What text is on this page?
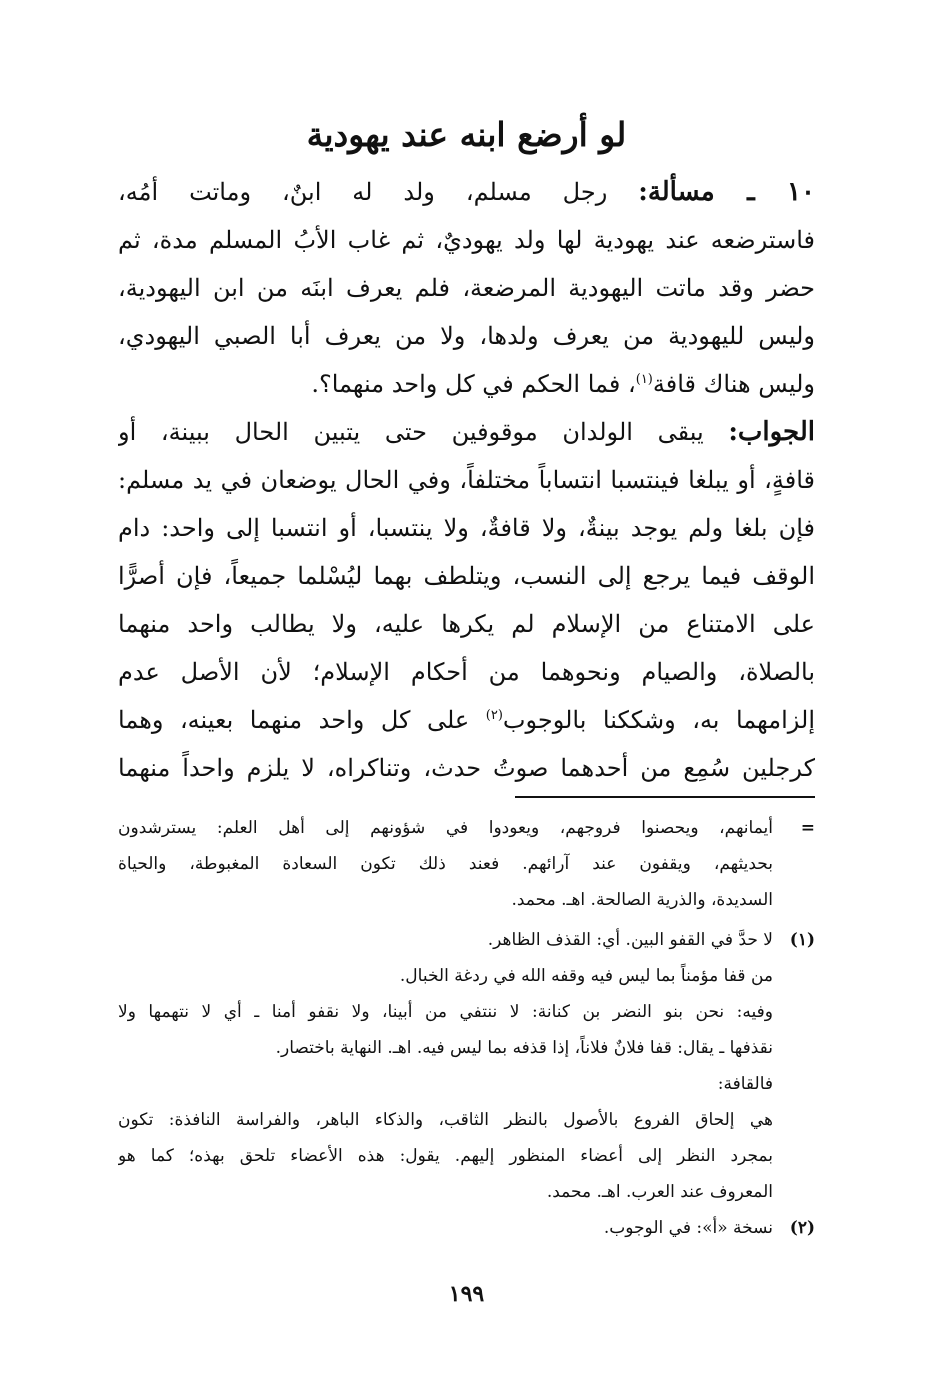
لو أرضع ابنه عند يهودية
١٠ ـ مسألة: رجل مسلم، ولد له ابنٌ، وماتت أمُه،
فاسترضعه عند يهودية لها ولد يهوديٌ، ثم غاب الأبُ المسلم مدة، ثم
حضر وقد ماتت اليهودية المرضعة، فلم يعرف ابنَه من ابن اليهودية،
وليس لليهودية من يعرف ولدها، ولا من يعرف أبا الصبي اليهودي،
وليس هناك قافة$^{(١)}$، فما الحكم في كل واحد منهما؟.
الجواب: يبقى الولدان موقوفين حتى يتبين الحال ببينة، أو
قافةٍ، أو يبلغا فينتسبا انتساباً مختلفاً، وفي الحال يوضعان في يد مسلم:
فإن بلغا ولم يوجد بينةٌ، ولا قافةٌ، ولا ينتسبا، أو انتسبا إلى واحد: دام
الوقف فيما يرجع إلى النسب، ويتلطف بهما ليُسْلما جميعاً، فإن أصرًّا
على الامتناع من الإسلام لم يكرها عليه، ولا يطالب واحد منهما
بالصلاة، والصيام ونحوهما من أحكام الإسلام؛ لأن الأصل عدم
إلزامهما به، وشككنا بالوجوب$^{(٢)}$ على كل واحد منهما بعينه، وهما
كرجلين سُمِع من أحدهما صوتُ حدث، وتناكراه، لا يلزم واحداً منهما
=
أيمانهم، ويحصنوا فروجهم، ويعودوا في شؤونهم إلى أهل العلم: يسترشدون
بحديثهم، ويقفون عند آرائهم. فعند ذلك تكون السعادة المغبوطة، والحياة
السديدة، والذرية الصالحة. اهـ. محمد.
(١)
لا حدَّ في القفو البين. أي: القذف الظاهر.
من قفا مؤمناً بما ليس فيه وقفه الله في ردغة الخبال.
وفيه: نحن بنو النضر بن كنانة: لا ننتفي من أبينا، ولا نقفو أمنا ـ أي لا نتهمها ولا
نقذفها ـ يقال: قفا فلانٌ فلاناً، إذا قذفه بما ليس فيه. اهـ. النهاية باختصار.
فالقافة:
هي إلحاق الفروع بالأصول بالنظر الثاقب، والذكاء الباهر، والفراسة النافذة: تكون
بمجرد النظر إلى أعضاء المنظور إليهم. يقول: هذه الأعضاء تلحق بهذه؛ كما هو
المعروف عند العرب. اهـ. محمد.
(٢)
نسخة «أ»: في الوجوب.
١٩٩
